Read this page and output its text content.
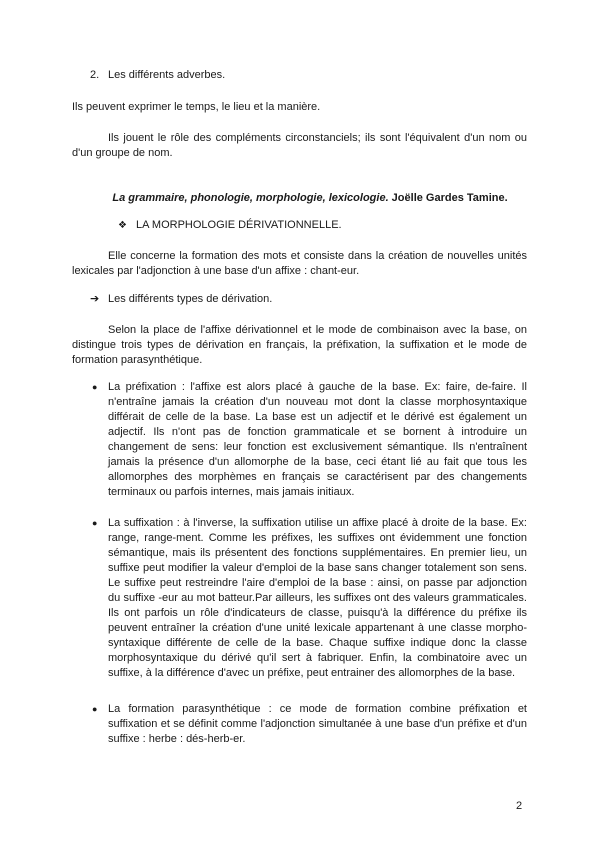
2. Les différents adverbes.

Ils peuvent exprimer le temps, le lieu et la manière.

Ils jouent le rôle des compléments circonstanciels; ils sont l'équivalent d'un nom ou d'un groupe de nom.

La grammaire, phonologie, morphologie, lexicologie. Joëlle Gardes Tamine.
❖ LA MORPHOLOGIE DÉRIVATIONNELLE.

Elle concerne la formation des mots et consiste dans la création de nouvelles unités lexicales par l'adjonction à une base d'un affixe : chant-eur.

➔ Les différents types de dérivation.

Selon la place de l'affixe dérivationnel et le mode de combinaison avec la base, on distingue trois types de dérivation en français, la préfixation, la suffixation et le mode de formation parasynthétique.

● La préfixation : l'affixe est alors placé à gauche de la base. Ex: faire, de-faire. Il n'entraîne jamais la création d'un nouveau mot dont la classe morphosyntaxique différait de celle de la base. La base est un adjectif et le dérivé est également un adjectif. Ils n'ont pas de fonction grammaticale et se bornent à introduire un changement de sens: leur fonction est exclusivement sémantique. Ils n'entraînent jamais la présence d'un allomorphe de la base, ceci étant lié au fait que tous les allomorphes des morphèmes en français se caractérisent par des changements terminaux ou parfois internes, mais jamais initiaux.

● La suffixation : à l'inverse, la suffixation utilise un affixe placé à droite de la base. Ex: range, range-ment. Comme les préfixes, les suffixes ont évidemment une fonction sémantique, mais ils présentent des fonctions supplémentaires. En premier lieu, un suffixe peut modifier la valeur d'emploi de la base sans changer totalement son sens. Le suffixe peut restreindre l'aire d'emploi de la base : ainsi, on passe par adjonction du suffixe -eur au mot batteur.Par ailleurs, les suffixes ont des valeurs grammaticales. Ils ont parfois un rôle d'indicateurs de classe, puisqu'à la différence du préfixe ils peuvent entraîner la création d'une unité lexicale appartenant à une classe morpho- syntaxique différente de celle de la base. Chaque suffixe indique donc la classe morphosyntaxique du dérivé qu'il sert à fabriquer. Enfin, la combinatoire avec un suffixe, à la différence d'avec un préfixe, peut entrainer des allomorphes de la base.

● La formation parasynthétique : ce mode de formation combine préfixation et suffixation et se définit comme l'adjonction simultanée à une base d'un préfixe et d'un suffixe : herbe : dés-herb-er.

2
